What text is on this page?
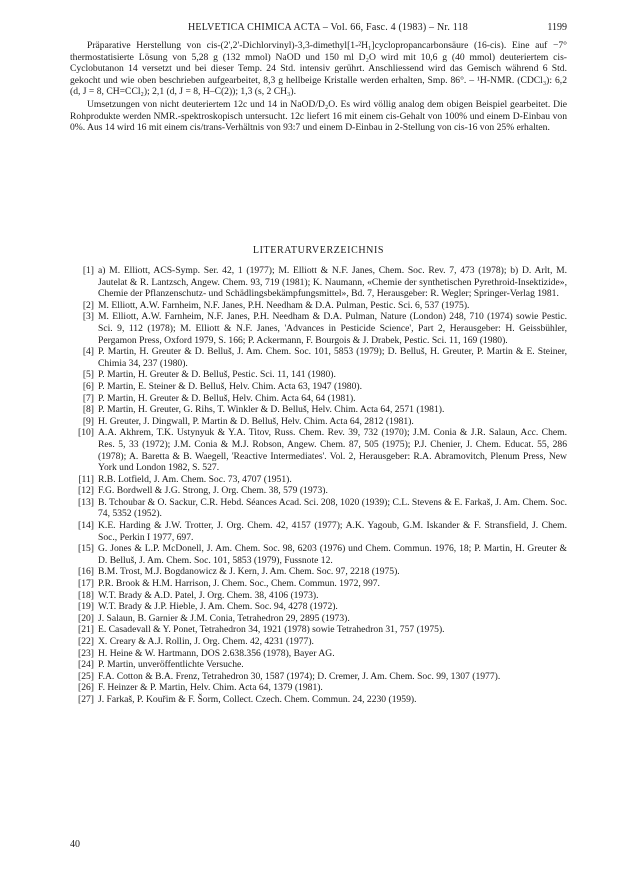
HELVETICA CHIMICA ACTA – Vol. 66, Fasc. 4 (1983) – Nr. 118	1199

Präparative Herstellung von cis-(2',2'-Dichlorvinyl)-3,3-dimethyl[1-²H₁]cyclopropancarbonsäure (16-cis). Eine auf −7° thermostatisierte Lösung von 5,28 g (132 mmol) NaOD und 150 ml D₂O wird mit 10,6 g (40 mmol) deuteriertem cis-Cyclobutanon 14 versetzt und bei dieser Temp. 24 Std. intensiv gerührt. Anschliessend wird das Gemisch während 6 Std. gekocht und wie oben beschrieben aufgearbeitet, 8,3 g hellbeige Kristalle werden erhalten, Smp. 86°. – ¹H-NMR. (CDCl₃): 6,2 (d, J = 8, CH=CCl₂); 2,1 (d, J = 8, H–C(2)); 1,3 (s, 2 CH₃).

Umsetzungen von nicht deuteriertem 12c und 14 in NaOD/D₂O. Es wird völlig analog dem obigen Beispiel gearbeitet. Die Rohprodukte werden NMR.-spektroskopisch untersucht. 12c liefert 16 mit einem cis-Gehalt von 100% und einem D-Einbau von 0%. Aus 14 wird 16 mit einem cis/trans-Verhältnis von 93:7 und einem D-Einbau in 2-Stellung von cis-16 von 25% erhalten.

LITERATURVERZEICHNIS
[1] a) M. Elliott, ACS-Symp. Ser. 42, 1 (1977); M. Elliott & N.F. Janes, Chem. Soc. Rev. 7, 473 (1978); b) D. Arlt, M. Jautelat & R. Lantzsch, Angew. Chem. 93, 719 (1981); K. Naumann, «Chemie der synthetischen Pyrethroid-Insektizide», Chemie der Pflanzenschutz- und Schädlingsbekämpfungsmittel», Bd. 7, Herausgeber: R. Wegler; Springer-Verlag 1981.
[2] M. Elliott, A.W. Farnheim, N.F. Janes, P.H. Needham & D.A. Pulman, Pestic. Sci. 6, 537 (1975).
[3] M. Elliott, A.W. Farnheim, N.F. Janes, P.H. Needham & D.A. Pulman, Nature (London) 248, 710 (1974) sowie Pestic. Sci. 9, 112 (1978); M. Elliott & N.F. Janes, 'Advances in Pesticide Science', Part 2, Herausgeber: H. Geissbühler, Pergamon Press, Oxford 1979, S. 166; P. Ackermann, F. Bourgois & J. Drabek, Pestic. Sci. 11, 169 (1980).
[4] P. Martin, H. Greuter & D. Belluš, J. Am. Chem. Soc. 101, 5853 (1979); D. Belluš, H. Greuter, P. Martin & E. Steiner, Chimia 34, 237 (1980).
[5] P. Martin, H. Greuter & D. Belluš, Pestic. Sci. 11, 141 (1980).
[6] P. Martin, E. Steiner & D. Belluš, Helv. Chim. Acta 63, 1947 (1980).
[7] P. Martin, H. Greuter & D. Belluš, Helv. Chim. Acta 64, 64 (1981).
[8] P. Martin, H. Greuter, G. Rihs, T. Winkler & D. Belluš, Helv. Chim. Acta 64, 2571 (1981).
[9] H. Greuter, J. Dingwall, P. Martin & D. Belluš, Helv. Chim. Acta 64, 2812 (1981).
[10] A.A. Akhrem, T.K. Ustynyuk & Y.A. Titov, Russ. Chem. Rev. 39, 732 (1970); J.M. Conia & J.R. Salaun, Acc. Chem. Res. 5, 33 (1972); J.M. Conia & M.J. Robson, Angew. Chem. 87, 505 (1975); P.J. Chenier, J. Chem. Educat. 55, 286 (1978); A. Baretta & B. Waegell, 'Reactive Intermediates'. Vol. 2, Herausgeber: R.A. Abramovitch, Plenum Press, New York und London 1982, S. 527.
[11] R.B. Lotfield, J. Am. Chem. Soc. 73, 4707 (1951).
[12] F.G. Bordwell & J.G. Strong, J. Org. Chem. 38, 579 (1973).
[13] B. Tchoubar & O. Sackur, C.R. Hebd. Séances Acad. Sci. 208, 1020 (1939); C.L. Stevens & E. Farkaš, J. Am. Chem. Soc. 74, 5352 (1952).
[14] K.E. Harding & J.W. Trotter, J. Org. Chem. 42, 4157 (1977); A.K. Yagoub, G.M. Iskander & F. Stransfield, J. Chem. Soc., Perkin I 1977, 697.
[15] G. Jones & L.P. McDonell, J. Am. Chem. Soc. 98, 6203 (1976) und Chem. Commun. 1976, 18; P. Martin, H. Greuter & D. Belluš, J. Am. Chem. Soc. 101, 5853 (1979), Fussnote 12.
[16] B.M. Trost, M.J. Bogdanowicz & J. Kern, J. Am. Chem. Soc. 97, 2218 (1975).
[17] P.R. Brook & H.M. Harrison, J. Chem. Soc., Chem. Commun. 1972, 997.
[18] W.T. Brady & A.D. Patel, J. Org. Chem. 38, 4106 (1973).
[19] W.T. Brady & J.P. Hieble, J. Am. Chem. Soc. 94, 4278 (1972).
[20] J. Salaun, B. Garnier & J.M. Conia, Tetrahedron 29, 2895 (1973).
[21] E. Casadevall & Y. Ponet, Tetrahedron 34, 1921 (1978) sowie Tetrahedron 31, 757 (1975).
[22] X. Creary & A.J. Rollin, J. Org. Chem. 42, 4231 (1977).
[23] H. Heine & W. Hartmann, DOS 2.638.356 (1978), Bayer AG.
[24] P. Martin, unveröffentlichte Versuche.
[25] F.A. Cotton & B.A. Frenz, Tetrahedron 30, 1587 (1974); D. Cremer, J. Am. Chem. Soc. 99, 1307 (1977).
[26] F. Heinzer & P. Martin, Helv. Chim. Acta 64, 1379 (1981).
[27] J. Farkaš, P. Kouřim & F. Šorm, Collect. Czech. Chem. Commun. 24, 2230 (1959).
40
